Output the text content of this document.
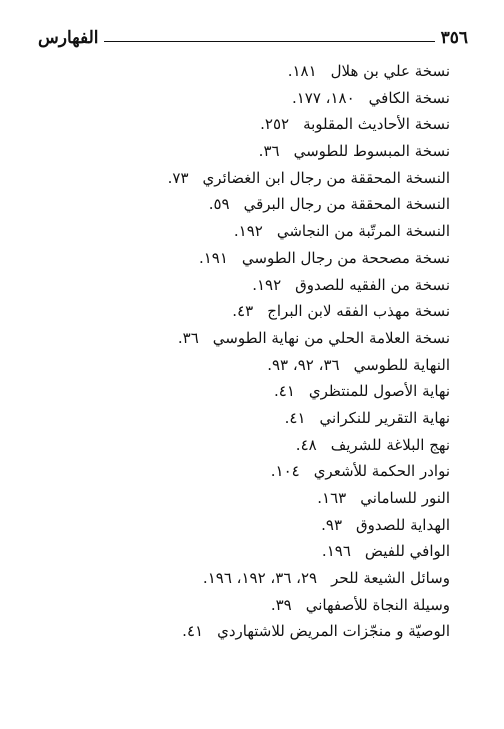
٣٥٦
الفهارس
نسخة علي بن هلال١٨١.
نسخة الكافي١٨٠، ١٧٧.
نسخة الأحاديث المقلوبة٢٥٢.
نسخة المبسوط للطوسي٣٦.
النسخة المحققة من رجال ابن الغضائري٧٣.
النسخة المحققة من رجال البرقي٥٩.
النسخة المرتّبة من النجاشي١٩٢.
نسخة مصححة من رجال الطوسي١٩١.
نسخة من الفقيه للصدوق١٩٢.
نسخة مهذب الفقه لابن البراج٤٣.
نسخة العلامة الحلي من نهاية الطوسي٣٦.
النهاية للطوسي٣٦، ٩٢، ٩٣.
نهاية الأصول للمنتظري٤١.
نهاية التقرير للنكراني٤١.
نهج البلاغة للشريف٤٨.
نوادر الحكمة للأشعري١٠٤.
النور للساماني١٦٣.
الهداية للصدوق٩٣.
الوافي للفيض١٩٦.
وسائل الشيعة للحر٢٩، ٣٦، ١٩٢، ١٩٦.
وسيلة النجاة للأصفهاني٣٩.
الوصيّة و منجّزات المريض للاشتهاردي٤١.
